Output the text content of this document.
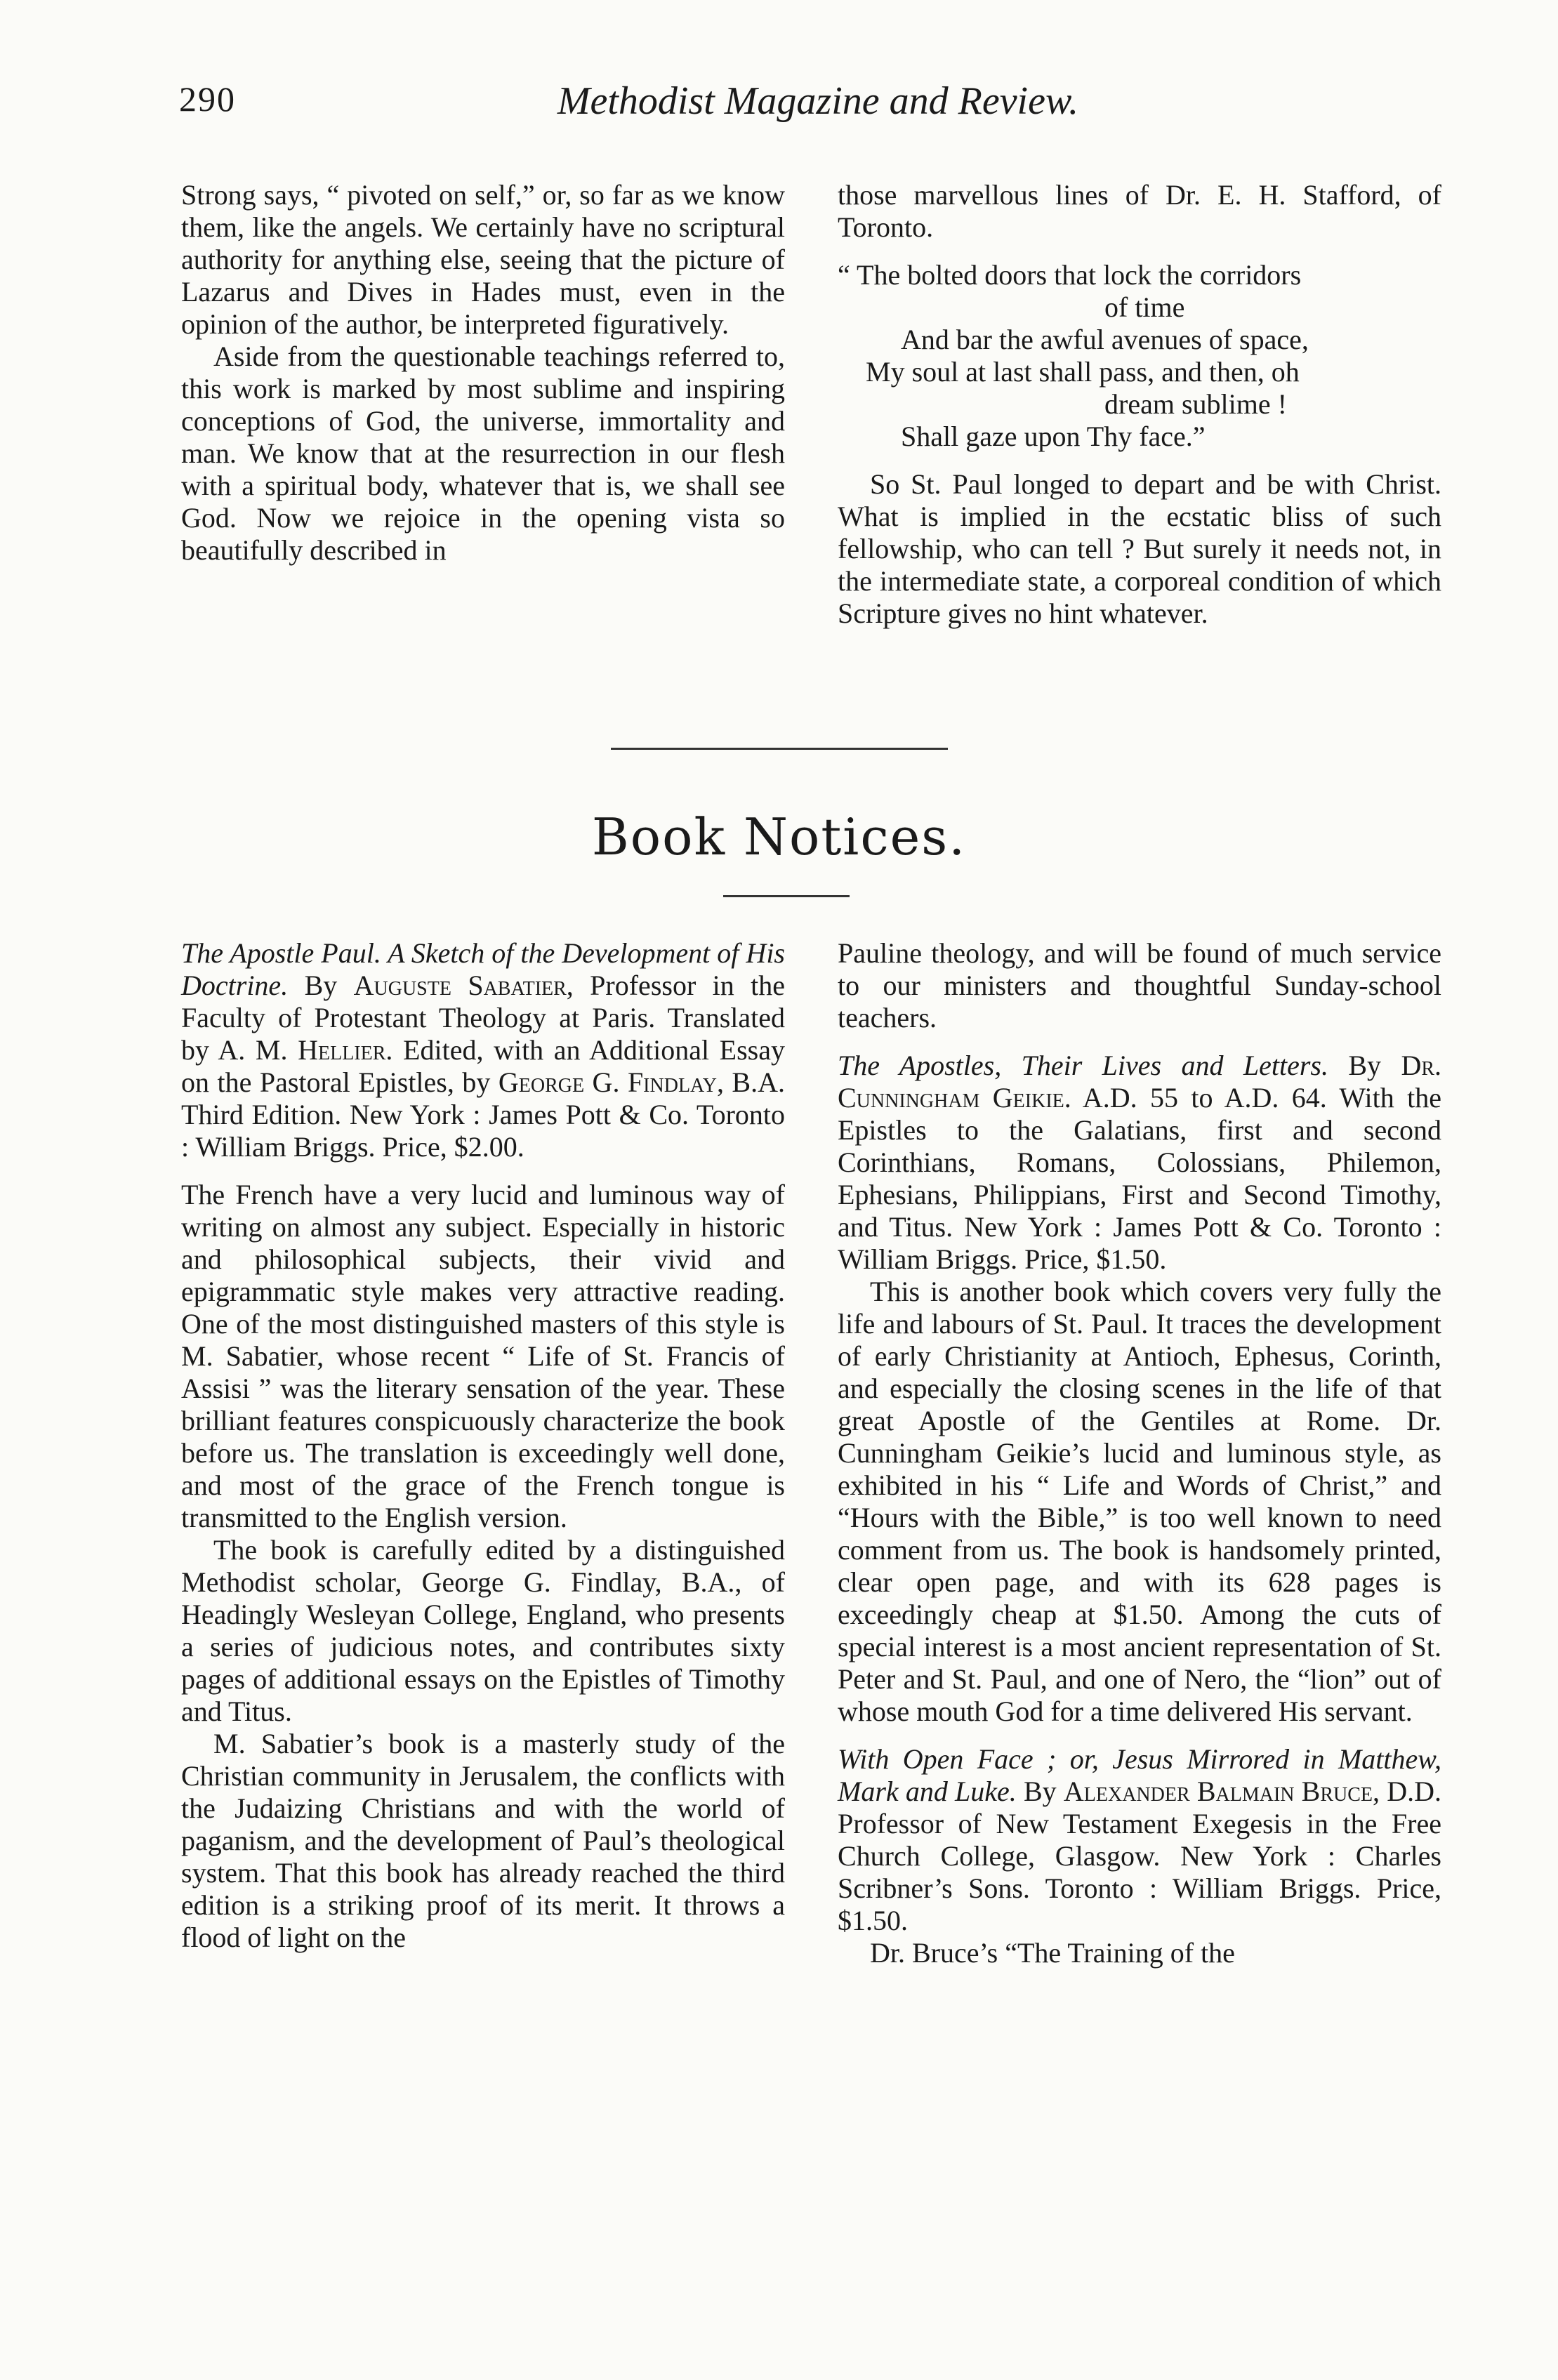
290	Methodist Magazine and Review.

Strong says, “ pivoted on self,” or, so far as we know them, like the angels. We certainly have no scriptural authority for anything else, seeing that the picture of Lazarus and Dives in Hades must, even in the opinion of the author, be interpreted figuratively.

Aside from the questionable teachings referred to, this work is marked by most sublime and inspiring conceptions of God, the universe, immortality and man. We know that at the resurrection in our flesh with a spiritual body, whatever that is, we shall see God. Now we rejoice in the opening vista so beautifully described in

those marvellous lines of Dr. E. H. Stafford, of Toronto.

“ The bolted doors that lock the corridors
of time
And bar the awful avenues of space,
My soul at last shall pass, and then, oh
dream sublime !
Shall gaze upon Thy face.”

So St. Paul longed to depart and be with Christ. What is implied in the ecstatic bliss of such fellowship, who can tell ? But surely it needs not, in the intermediate state, a corporeal condition of which Scripture gives no hint whatever.

Book Notices.

The Apostle Paul. A Sketch of the Development of His Doctrine. By Auguste Sabatier, Professor in the Faculty of Protestant Theology at Paris. Translated by A. M. Hellier. Edited, with an Additional Essay on the Pastoral Epistles, by George G. Findlay, B.A. Third Edition. New York : James Pott & Co. Toronto : William Briggs. Price, $2.00.

The French have a very lucid and luminous way of writing on almost any subject. Especially in historic and philosophical subjects, their vivid and epigrammatic style makes very attractive reading. One of the most distinguished masters of this style is M. Sabatier, whose recent “ Life of St. Francis of Assisi ” was the literary sensation of the year. These brilliant features conspicuously characterize the book before us. The translation is exceedingly well done, and most of the grace of the French tongue is transmitted to the English version.

The book is carefully edited by a distinguished Methodist scholar, George G. Findlay, B.A., of Headingly Wesleyan College, England, who presents a series of judicious notes, and contributes sixty pages of additional essays on the Epistles of Timothy and Titus.

M. Sabatier’s book is a masterly study of the Christian community in Jerusalem, the conflicts with the Judaizing Christians and with the world of paganism, and the development of Paul’s theological system. That this book has already reached the third edition is a striking proof of its merit. It throws a flood of light on the

Pauline theology, and will be found of much service to our ministers and thoughtful Sunday-school teachers.

The Apostles, Their Lives and Letters. By Dr. Cunningham Geikie. A.D. 55 to A.D. 64. With the Epistles to the Galatians, first and second Corinthians, Romans, Colossians, Philemon, Ephesians, Philippians, First and Second Timothy, and Titus. New York : James Pott & Co. Toronto : William Briggs. Price, $1.50.

This is another book which covers very fully the life and labours of St. Paul. It traces the development of early Christianity at Antioch, Ephesus, Corinth, and especially the closing scenes in the life of that great Apostle of the Gentiles at Rome. Dr. Cunningham Geikie’s lucid and luminous style, as exhibited in his “ Life and Words of Christ,” and “Hours with the Bible,” is too well known to need comment from us. The book is handsomely printed, clear open page, and with its 628 pages is exceedingly cheap at $1.50. Among the cuts of special interest is a most ancient representation of St. Peter and St. Paul, and one of Nero, the “lion” out of whose mouth God for a time delivered His servant.

With Open Face ; or, Jesus Mirrored in Matthew, Mark and Luke. By Alexander Balmain Bruce, D.D. Professor of New Testament Exegesis in the Free Church College, Glasgow. New York : Charles Scribner’s Sons. Toronto : William Briggs. Price, $1.50.

Dr. Bruce’s “The Training of the
